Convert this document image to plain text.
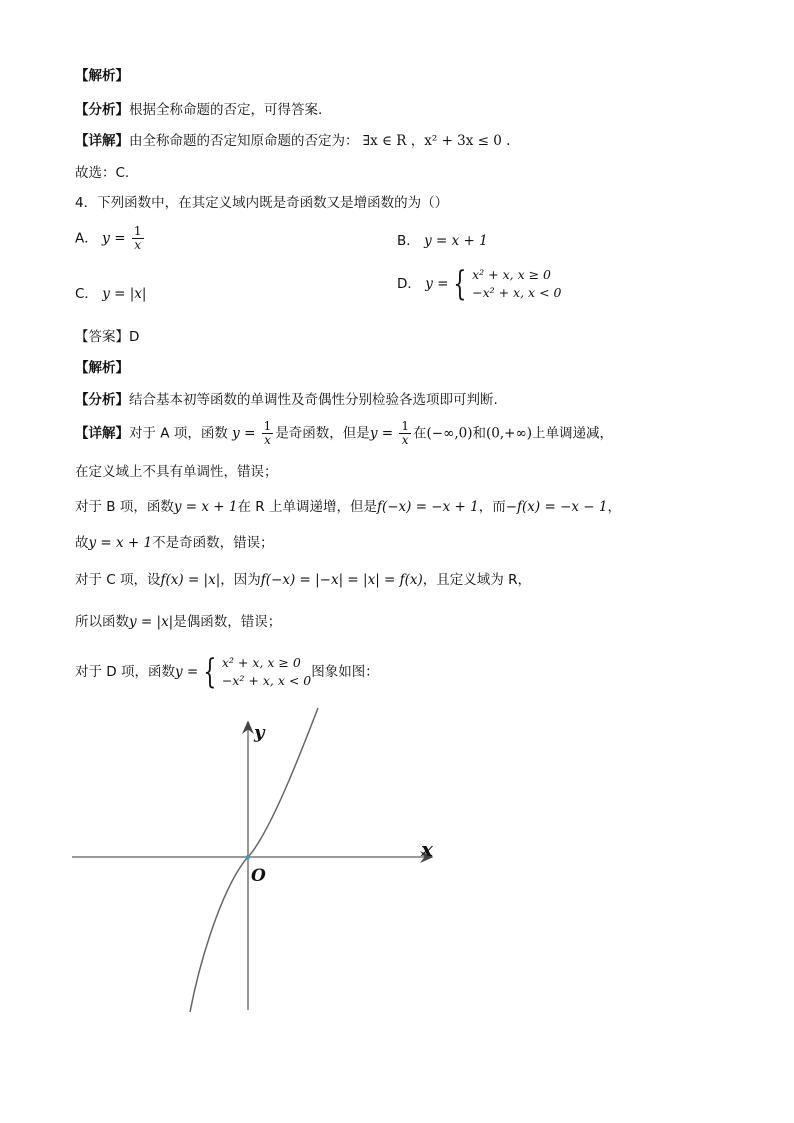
【解析】
【分析】根据全称命题的否定，可得答案.
【详解】由全称命题的否定知原命题的否定为： ∃x ∈ R ，x² + 3x ≤ 0 .
故选：C.
4．下列函数中，在其定义域内既是奇函数又是增函数的为（）
A． $y = \frac{1}{x}$	B． y = x + 1
C． y = |x|
D． y
= { x² + x, x ≥ 0
−x² + x, x < 0
【答案】D
【解析】
【分析】结合基本初等函数的单调性及奇偶性分别检验各选项即可判断.
【详解】对于 A 项，函数 $y = \frac{1}{x}$ 是奇函数，但是$y = \frac{1}{x}$ 在(−∞,0)和(0,+∞)上单调递减，
在定义域上不具有单调性，错误；
对于 B 项，函数y = x + 1在 R 上单调递增，但是f(−x) = −x + 1，而−f(x) = −x − 1，
故y = x + 1不是奇函数，错误；
对于 C 项，设f(x) = |x|，因为f(−x) = |−x| = |x| = f(x)，且定义域为 R，
所以函数y = |x|是偶函数，错误；
对于 D 项，函数 y
= { x² + x, x ≥ 0
−x² + x, x < 0
图象如图：
y
x
O
